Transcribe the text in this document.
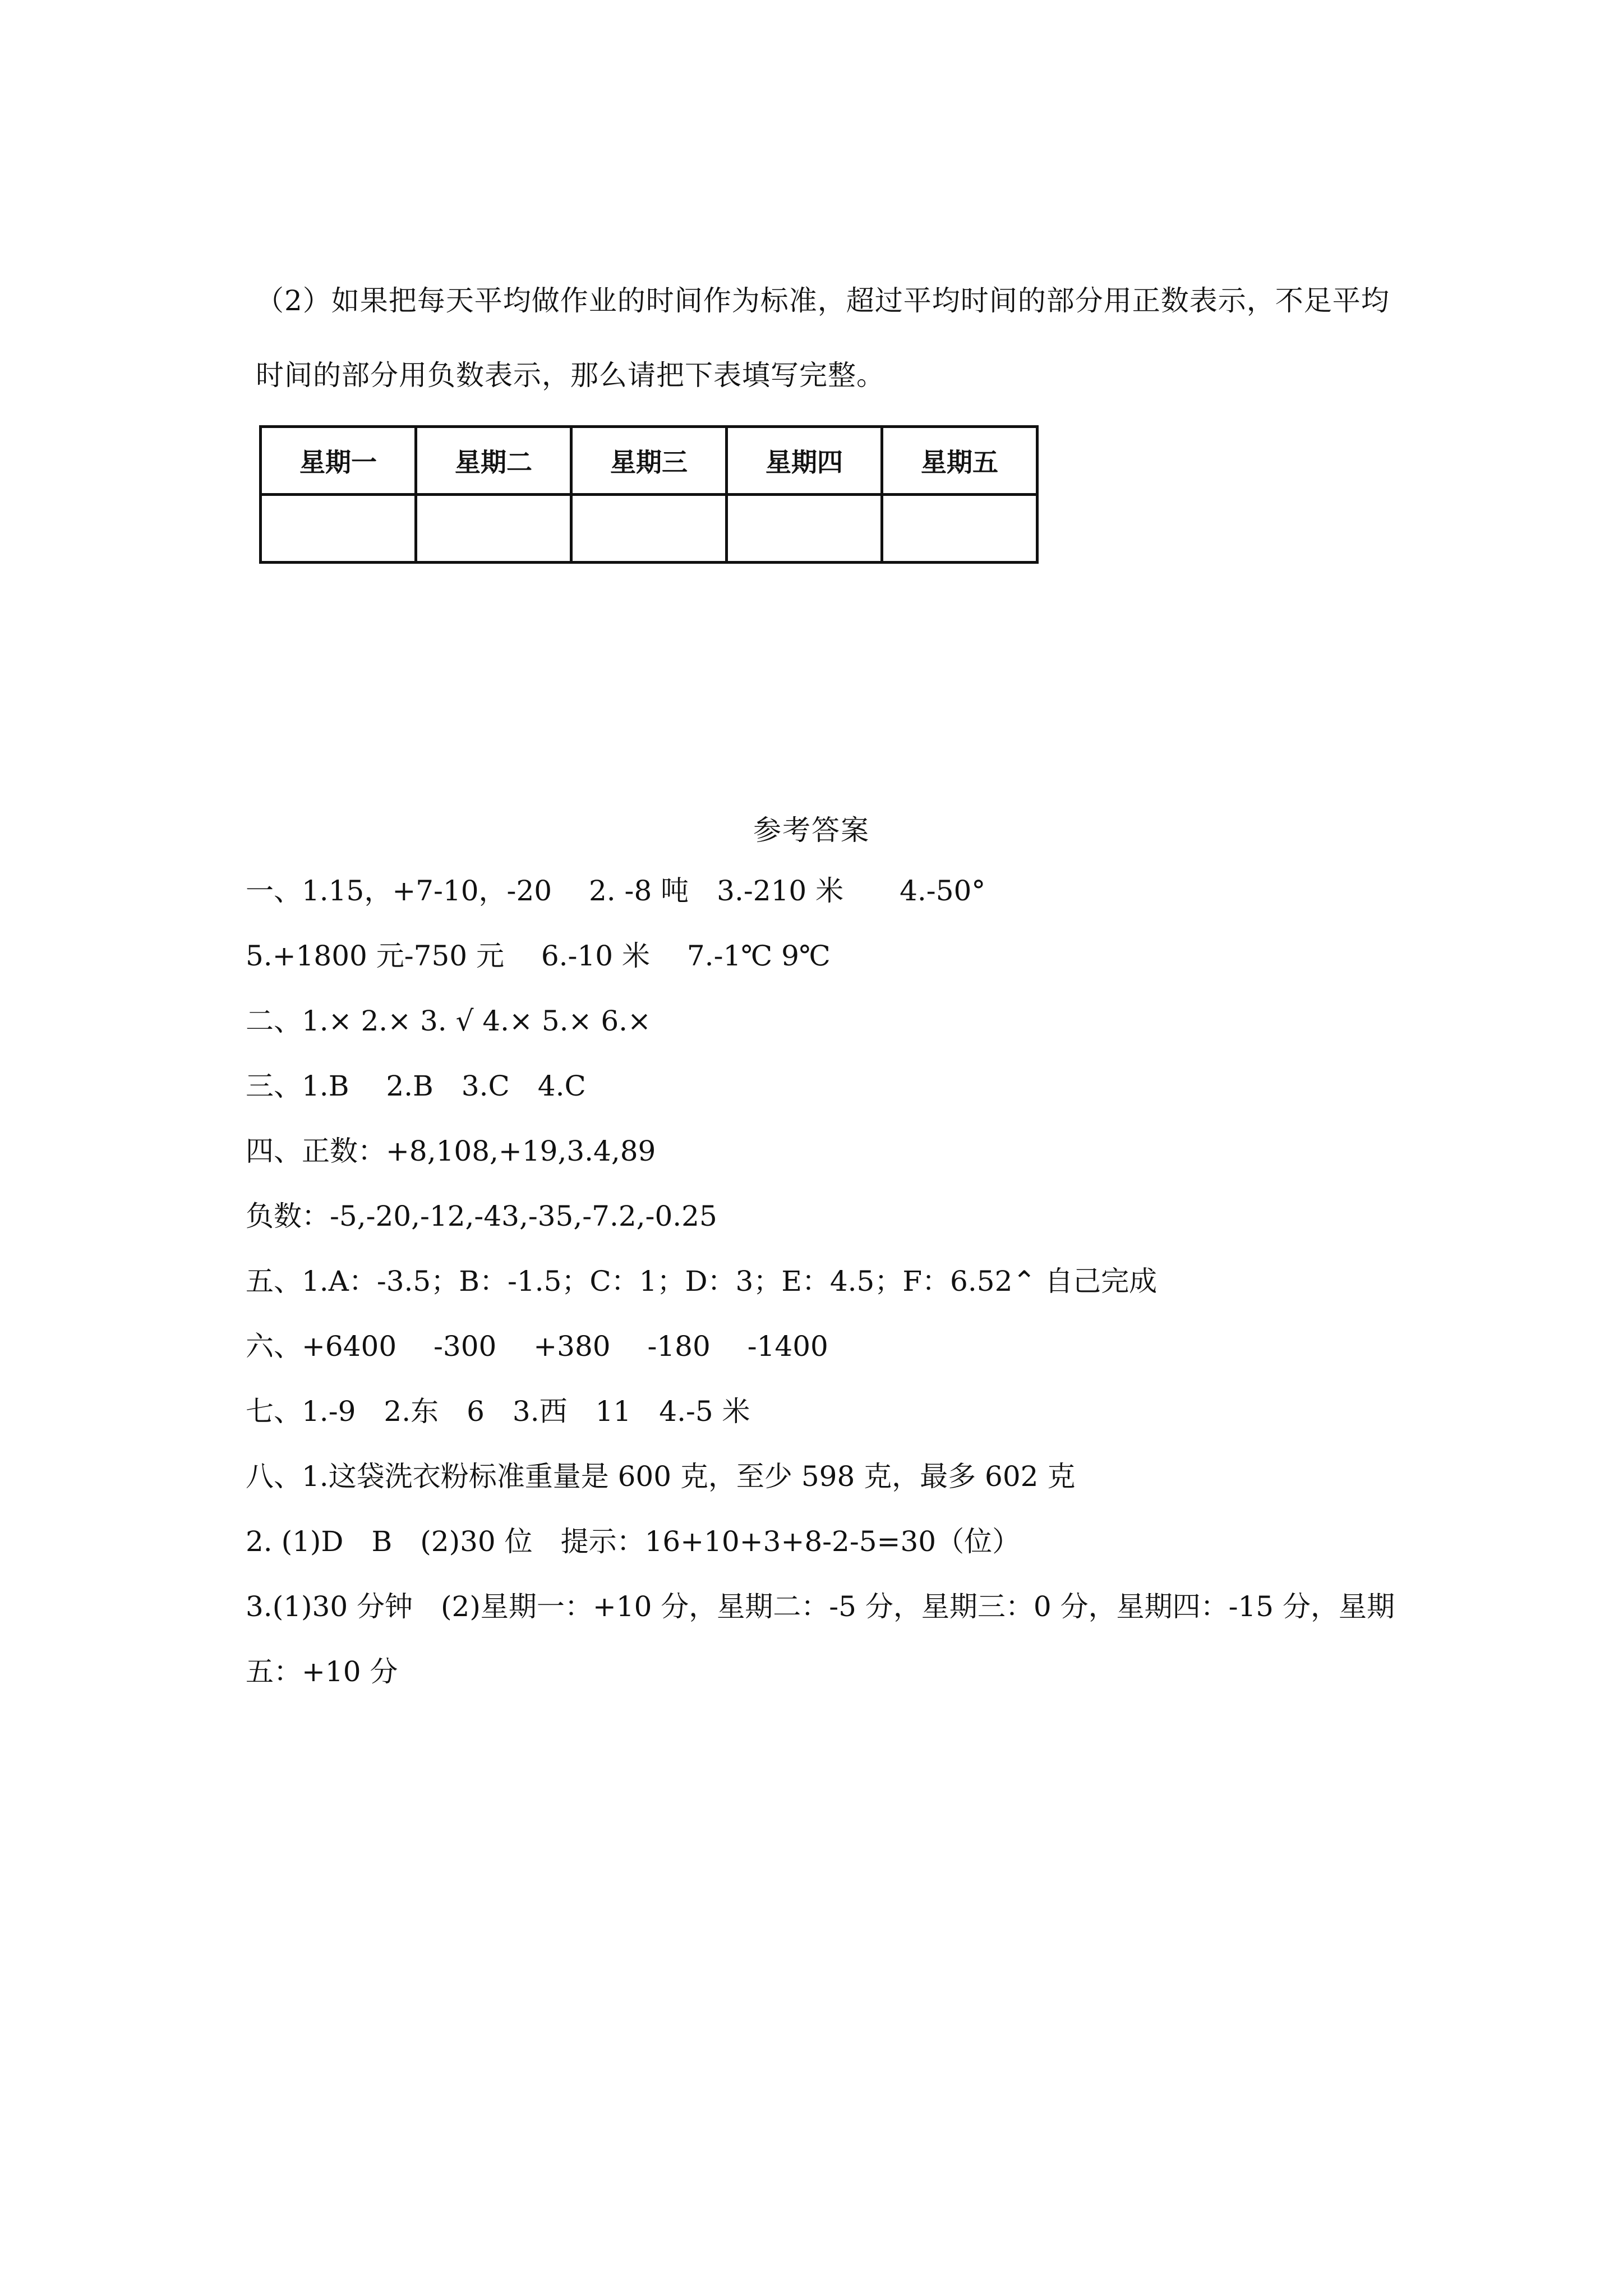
（2）如果把每天平均做作业的时间作为标准，超过平均时间的部分用正数表示，不足平均
时间的部分用负数表示，那么请把下表填写完整。
星期一	星期二	星期三	星期四	星期五

参考答案
一、1.15，+7-10，-20　 2. -8 吨　3.-210 米　　4.-50°
5.+1800 元-750 元　 6.-10 米　 7.-1℃ 9℃
二、1.× 2.× 3. √ 4.× 5.× 6.×
三、1.B　 2.B　3.C　4.C
四、正数：+8,108,+19,3.4,89
负数：-5,-20,-12,-43,-35,-7.2,-0.25
五、1.A：-3.5；B：-1.5；C：1；D：3；E：4.5；F：6.52⌃ 自己完成
六、+6400　 -300　 +380　 -180　 -1400
七、1.-9　2.东　6　3.西　11　4.-5 米
八、1.这袋洗衣粉标准重量是 600 克，至少 598 克，最多 602 克
2. (1)D　B　(2)30 位　提示：16+10+3+8-2-5=30（位）
3.(1)30 分钟　(2)星期一：+10 分，星期二：-5 分，星期三：0 分，星期四：-15 分，星期
五：+10 分
